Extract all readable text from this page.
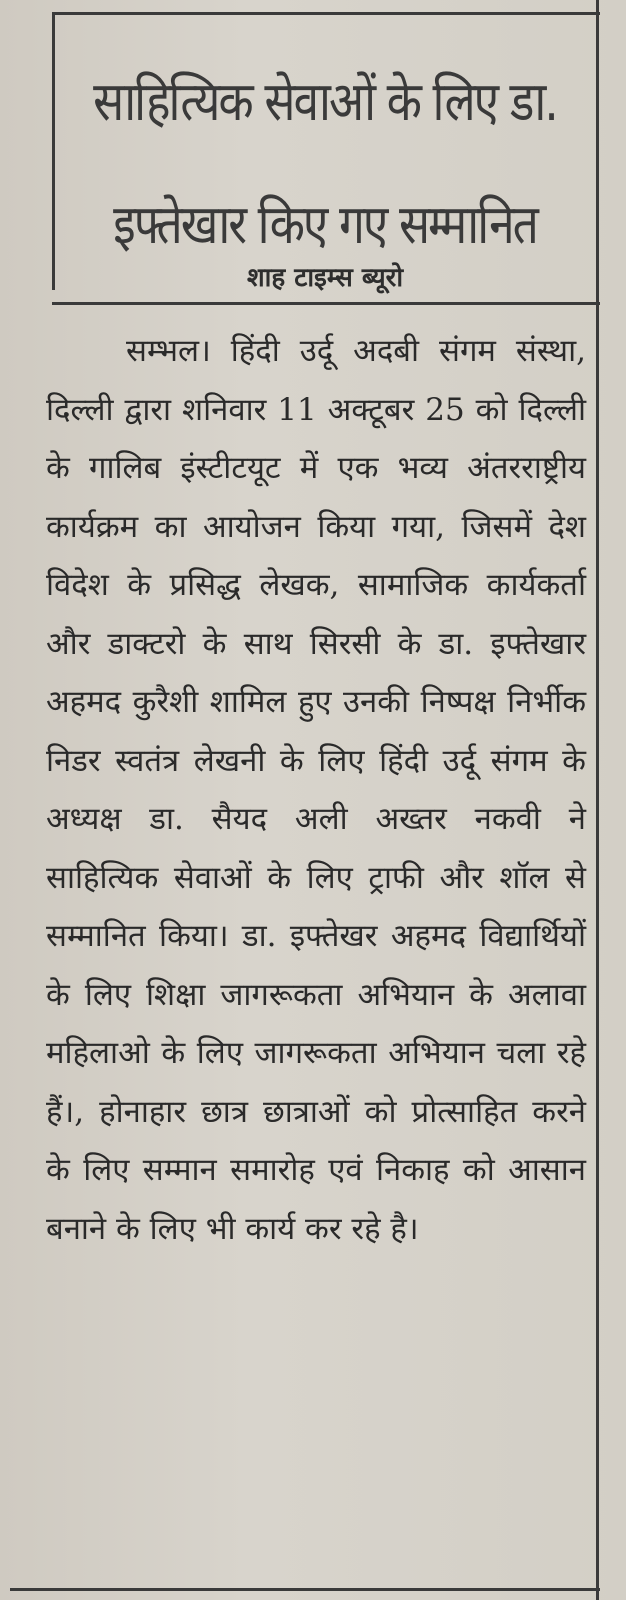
साहित्यिक सेवाओं के लिए डा. इफ्तेखार किए गए सम्मानित
शाह टाइम्स ब्यूरो

सम्भल। हिंदी उर्दू अदबी संगम संस्था, दिल्ली द्वारा शनिवार 11 अक्टूबर 25 को दिल्ली के गालिब इंस्टीटयूट में एक भव्य अंतरराष्ट्रीय कार्यक्रम का आयोजन किया गया, जिसमें देश विदेश के प्रसिद्ध लेखक, सामाजिक कार्यकर्ता और डाक्टरो के साथ सिरसी के डा. इफ्तेखार अहमद कुरैशी शामिल हुए उनकी निष्पक्ष निर्भीक निडर स्वतंत्र लेखनी के लिए हिंदी उर्दू संगम के अध्यक्ष डा. सैयद अली अख्तर नकवी ने साहित्यिक सेवाओं के लिए ट्राफी और शॉल से सम्मानित किया। डा. इफ्तेखर अहमद विद्यार्थियों के लिए शिक्षा जागरूकता अभियान के अलावा महिलाओ के लिए जागरूकता अभियान चला रहे हैं।, होनाहार छात्र छात्राओं को प्रोत्साहित करने के लिए सम्मान समारोह एवं निकाह को आसान बनाने के लिए भी कार्य कर रहे है।
